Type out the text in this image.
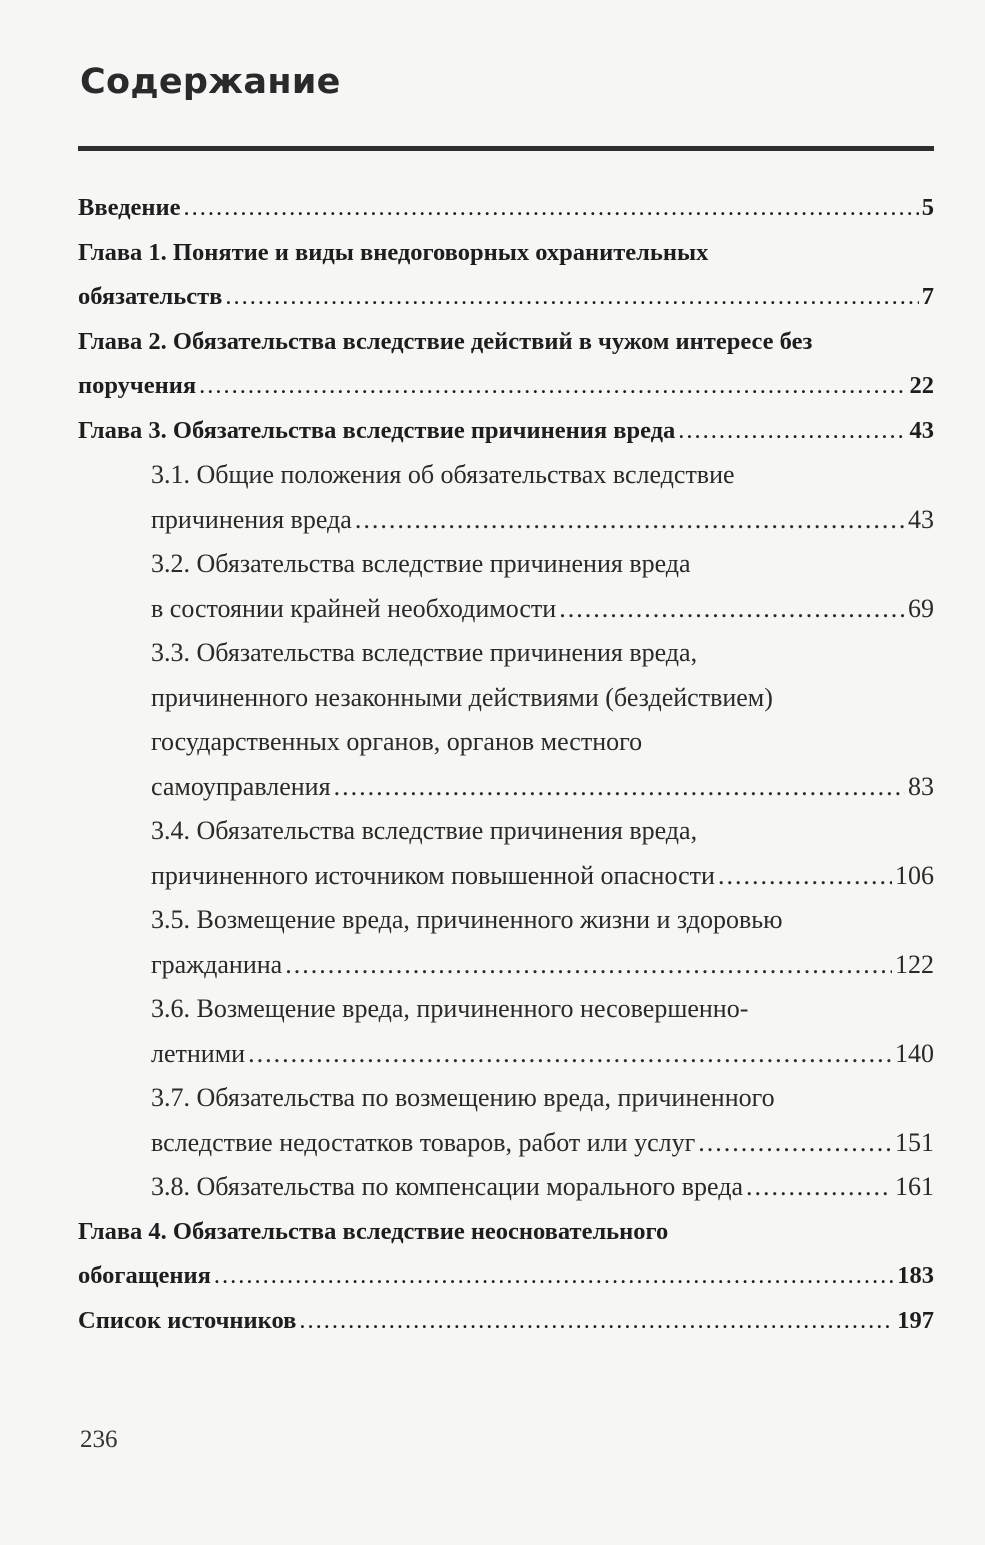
Содержание
Введение .....	5
Глава 1. Понятие и виды внедоговорных охранительных
обязательств .....	7
Глава 2. Обязательства вследствие действий в чужом интересе без
поручения .....	22
Глава 3. Обязательства вследствие причинения вреда .....	43
3.1. Общие положения об обязательствах вследствие
причинения вреда .....	43
3.2. Обязательства вследствие причинения вреда
в состоянии крайней необходимости .....	69
3.3. Обязательства вследствие причинения вреда,
причиненного незаконными действиями (бездействием)
государственных органов, органов местного
самоуправления .....	83
3.4. Обязательства вследствие причинения вреда,
причиненного источником повышенной опасности .....	106
3.5. Возмещение вреда, причиненного жизни и здоровью
гражданина .....	122
3.6. Возмещение вреда, причиненного несовершенно-
летними .....	140
3.7. Обязательства по возмещению вреда, причиненного
вследствие недостатков товаров, работ или услуг .....	151
3.8. Обязательства по компенсации морального вреда .....	161
Глава 4. Обязательства вследствие неосновательного
обогащения .....	183
Список источников .....	197
236
